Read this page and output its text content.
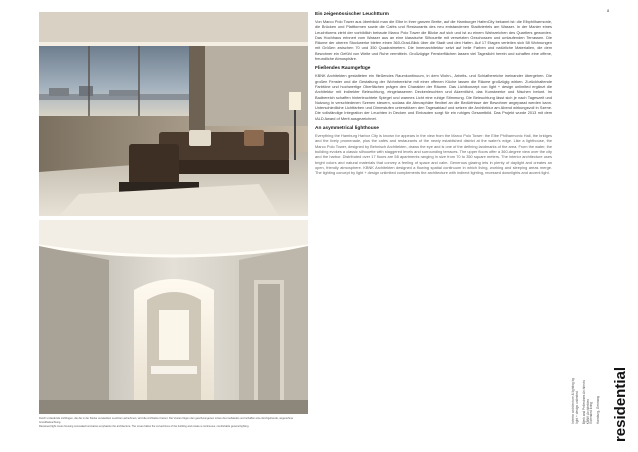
Durch umlaufende Lichtfugen, die die in der Decke versteckten Leuchten aufnehmen, wird die Architektur betont. Die Vouten folgen den geschwungenen Linien des Gebäudes und schaffen eine durchgehende, angenehme Grundbeleuchtung.

Recessed light coves housing concealed luminaires emphasize the architecture. The coves follow the curved lines of the building and create a continuous, comfortable general lighting.

Ein zeigenössischer Leuchtturm

Von Marco Polo Tower aus überblickt man die Elbe in ihrer ganzen Breite, auf die Hamburger HafenCity bekannt ist: die Elbphilharmonie, die Brücken und Plattformen sowie die Cafés und Restaurants des neu entstandenen Stadtviertels am Wasser. In der Manier eines Leuchtturms zieht der vorbildlich bebaute Marco Polo Tower die Blicke auf sich und ist zu einem Wahrzeichen des Quartiers geworden. Das Hochhaus erinnert vom Wasser aus an eine klassische Silhouette mit versetzten Geschossen und umlaufenden Terrassen. Die Räume der oberen Stockwerke bieten einen 360-Grad-Blick über die Stadt und den Hafen. Auf 17 Etagen verteilen sich 58 Wohnungen mit Größen zwischen 70 und 350 Quadratmetern. Die Innenarchitektur setzt auf helle Farben und natürliche Materialien, die dem Bewohner ein Gefühl von Weite und Ruhe vermitteln. Großzügige Fensterflächen lassen viel Tageslicht herein und schaffen eine offene, freundliche Atmosphäre.

Fließendes Raumgefüge

KBNK Architekten gestalteten ein fließendes Raumkontinuum, in dem Wohn-, Arbeits- und Schlafbereiche ineinander übergehen. Die großen Fenster und die Gestaltung der Wohnbereiche mit einer offenen Küche lassen die Räume großzügig wirken. Zurückhaltende Farbtöne und hochwertige Oberflächen prägen den Charakter der Räume. Das Lichtkonzept von light + design unlimited ergänzt die Architektur mit indirekter Beleuchtung, eingelassenen Deckenleuchten und Akzentlicht, das Kunstwerke und Nischen betont. Im Badbereich schaffen hinterleuchtete Spiegel und warmes Licht eine ruhige Stimmung. Die Beleuchtung lässt sich je nach Tageszeit und Nutzung in verschiedenen Szenen steuern, sodass die Atmosphäre flexibel an die Bedürfnisse der Bewohner angepasst werden kann. Unterschiedliche Lichtfarben und Dimmstufen unterstützen den Tagesablauf und setzen die Architektur am Abend wirkungsvoll in Szene. Die vollständige Integration der Leuchten in Decken und Einbauten sorgt für ein ruhiges Gesamtbild. Das Projekt wurde 2013 mit dem IALD Award of Merit ausgezeichnet.

An asymmetrical lighthouse

Everything the Hamburg Harbor City is known for appears in the view from the Marco Polo Tower: the Elbe Philharmonic Hall, the bridges and the lively promenade, plus the cafés and restaurants of the newly established district at the water's edge. Like a lighthouse, the Marco Polo Tower, designed by Behnisch Architekten, draws the eye and is one of the defining landmarks of the area. From the water, the building evokes a classic silhouette with staggered levels and surrounding terraces. The upper floors offer a 360-degree view over the city and the harbor. Distributed over 17 floors are 58 apartments ranging in size from 70 to 350 square meters. The interior architecture uses bright colors and natural materials that convey a feeling of space and calm. Generous glazing lets in plenty of daylight and creates an open, friendly atmosphere. KBNK Architekten designed a flowing spatial continuum in which living, working and sleeping areas merge. The lighting concept by light + design unlimited complements the architecture with indirect lighting, recessed downlights and accent light.

8
Interior architecture & lighting by light + design unlimited Bjerk and Pellestrøm Architects KBNK Architekten Extended living Hamburg, Germany residential
